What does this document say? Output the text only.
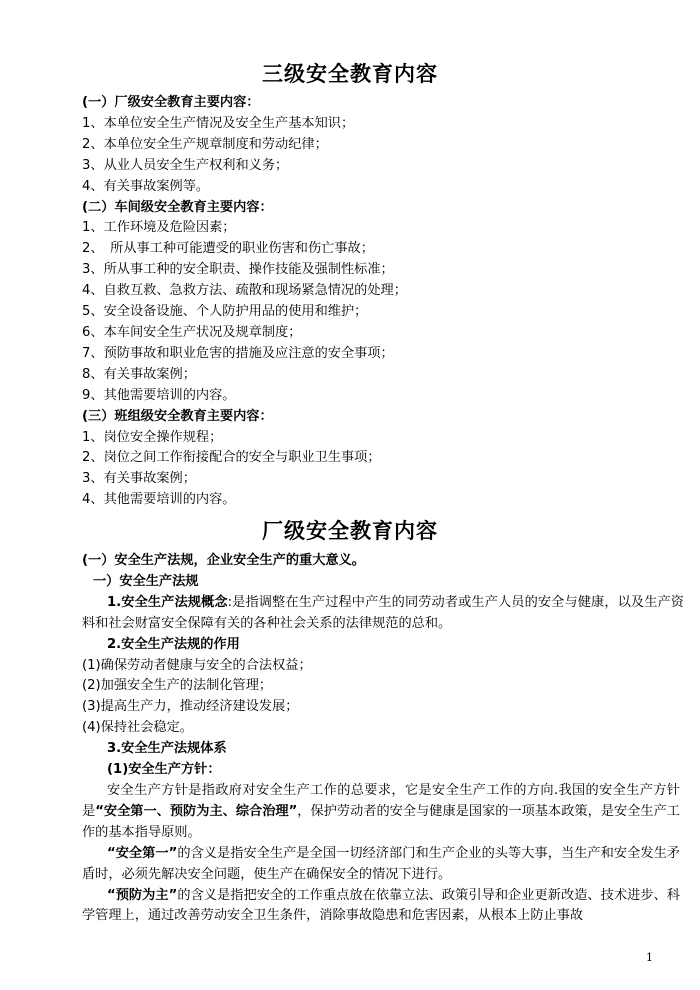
三级安全教育内容
(一）厂级安全教育主要内容：
1、本单位安全生产情况及安全生产基本知识；
2、本单位安全生产规章制度和劳动纪律；
3、从业人员安全生产权利和义务；
4、有关事故案例等。
(二）车间级安全教育主要内容：
1、工作环境及危险因素；
2、　所从事工种可能遭受的职业伤害和伤亡事故；
3、所从事工种的安全职责、操作技能及强制性标准；
4、自救互救、急救方法、疏散和现场紧急情况的处理；
5、安全设备设施、个人防护用品的使用和维护；
6、本车间安全生产状况及规章制度；
7、预防事故和职业危害的措施及应注意的安全事项；
8、有关事故案例；
9、其他需要培训的内容。
(三）班组级安全教育主要内容：
1、岗位安全操作规程；
2、岗位之间工作衔接配合的安全与职业卫生事项；
3、有关事故案例；
4、其他需要培训的内容。
厂级安全教育内容
(一）安全生产法规，企业安全生产的重大意义。
一）安全生产法规
1.安全生产法规概念:是指调整在生产过程中产生的同劳动者或生产人员的安全与健康，以及生产资料和社会财富安全保障有关的各种社会关系的法律规范的总和。
2.安全生产法规的作用
(1)确保劳动者健康与安全的合法权益；
(2)加强安全生产的法制化管理；
(3)提高生产力，推动经济建设发展；
(4)保持社会稳定。
3.安全生产法规体系
(1)安全生产方针：
安全生产方针是指政府对安全生产工作的总要求，它是安全生产工作的方向.我国的安全生产方针是“安全第一、预防为主、综合治理”，保护劳动者的安全与健康是国家的一项基本政策，是安全生产工作的基本指导原则。
“安全第一”的含义是指安全生产是全国一切经济部门和生产企业的头等大事，当生产和安全发生矛盾时，必须先解决安全问题，使生产在确保安全的情况下进行。
“预防为主”的含义是指把安全的工作重点放在依靠立法、政策引导和企业更新改造、技术进步、科学管理上，通过改善劳动安全卫生条件，消除事故隐患和危害因素，从根本上防止事故
1
